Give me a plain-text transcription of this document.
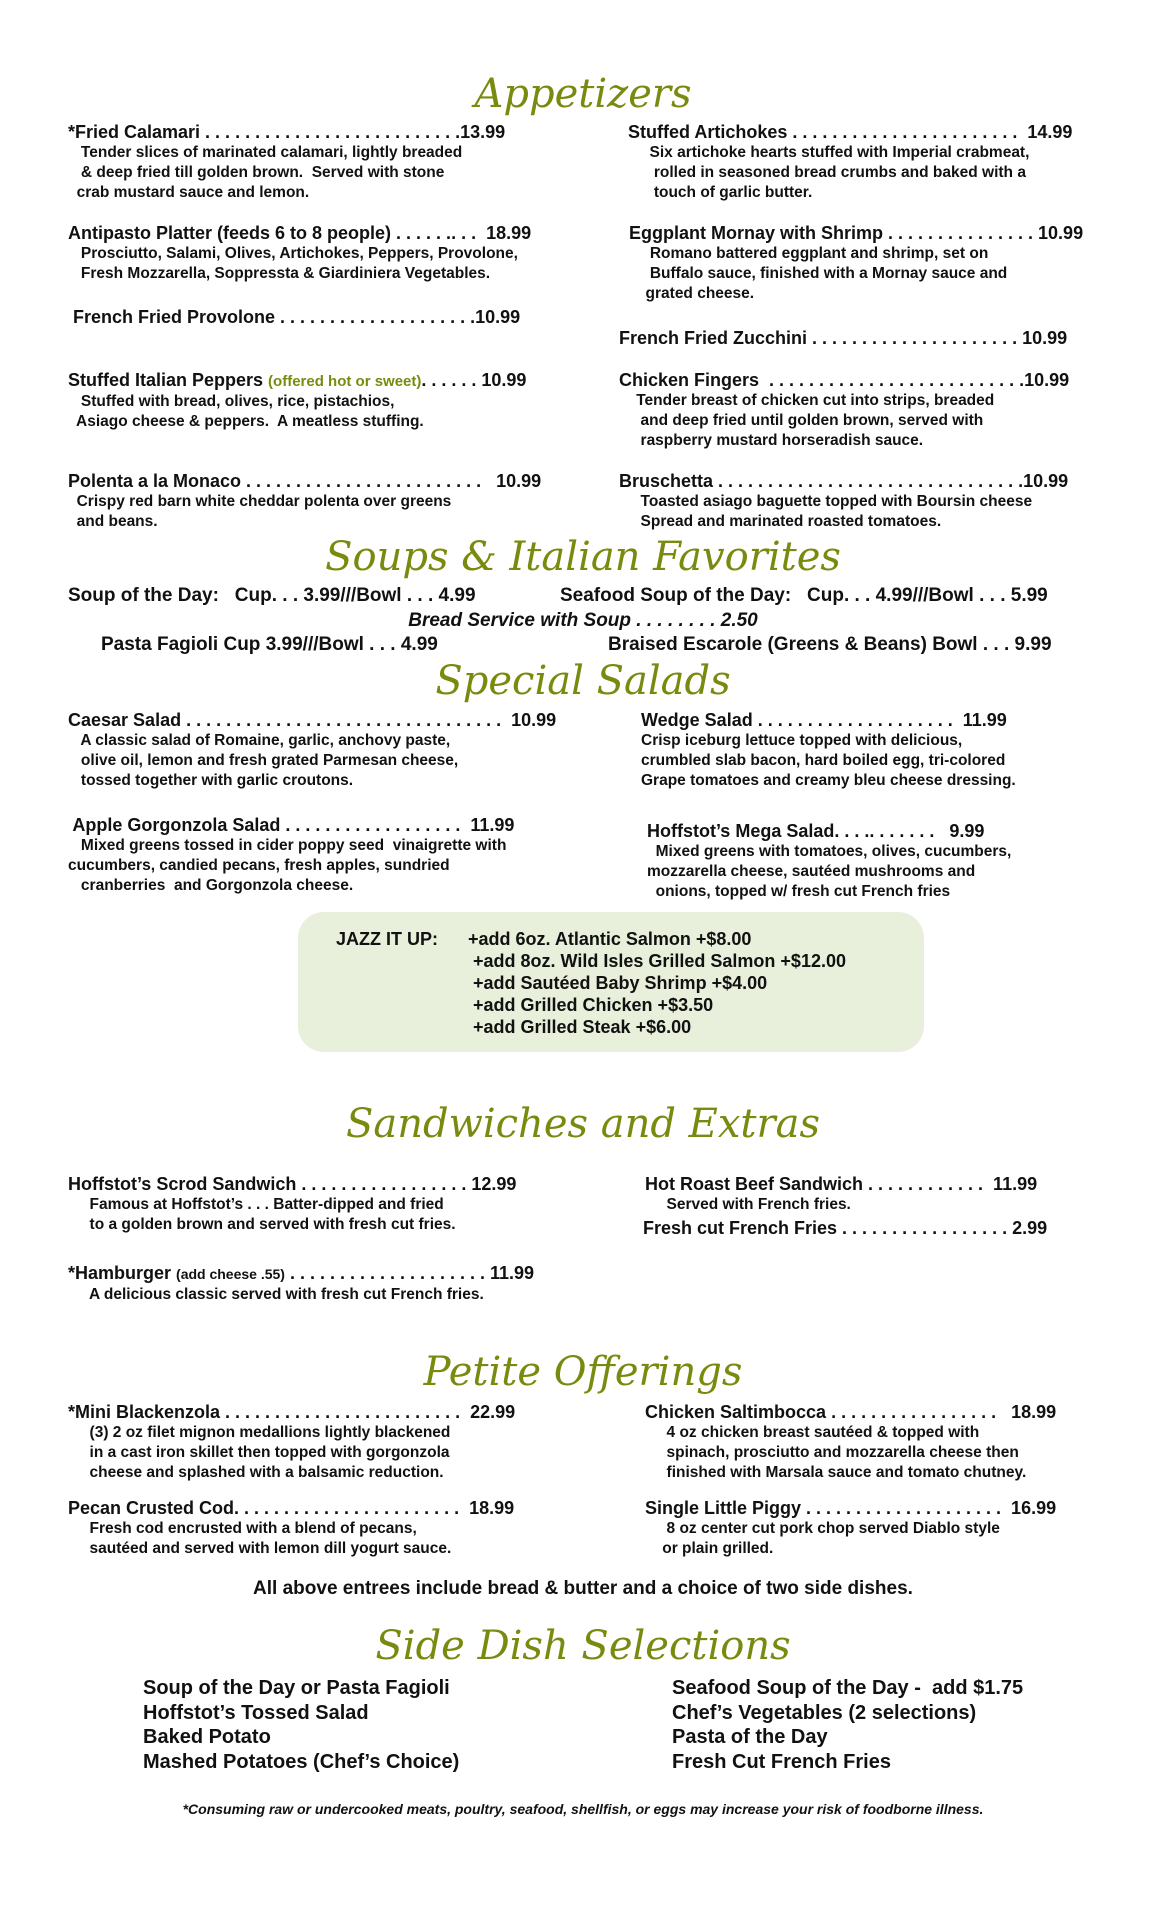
Appetizers
*Fried Calamari . . . . . . . . . . . . . . . . . . . . . . . . . .13.99
Tender slices of marinated calamari, lightly breaded
& deep fried till golden brown.  Served with stone
crab mustard sauce and lemon.
Antipasto Platter (feeds 6 to 8 people) . . . . . .. . .  18.99
Prosciutto, Salami, Olives, Artichokes, Peppers, Provolone,
Fresh Mozzarella, Soppressta & Giardiniera Vegetables.
French Fried Provolone . . . . . . . . . . . . . . . . . . . .10.99
Stuffed Italian Peppers (offered hot or sweet). . . . . . 10.99
Stuffed with bread, olives, rice, pistachios,
Asiago cheese & peppers.  A meatless stuffing.
Polenta a la Monaco . . . . . . . . . . . . . . . . . . . . . . . .   10.99
Crispy red barn white cheddar polenta over greens
and beans.
Stuffed Artichokes . . . . . . . . . . . . . . . . . . . . . . .  14.99
Six artichoke hearts stuffed with Imperial crabmeat,
rolled in seasoned bread crumbs and baked with a
touch of garlic butter.
Eggplant Mornay with Shrimp . . . . . . . . . . . . . . . 10.99
Romano battered eggplant and shrimp, set on
Buffalo sauce, finished with a Mornay sauce and
grated cheese.
French Fried Zucchini . . . . . . . . . . . . . . . . . . . . . 10.99
Chicken Fingers  . . . . . . . . . . . . . . . . . . . . . . . . . .10.99
Tender breast of chicken cut into strips, breaded
and deep fried until golden brown, served with
raspberry mustard horseradish sauce.
Bruschetta . . . . . . . . . . . . . . . . . . . . . . . . . . . . . . .10.99
Toasted asiago baguette topped with Boursin cheese
Spread and marinated roasted tomatoes.
Soups & Italian Favorites
Soup of the Day:   Cup. . . 3.99///Bowl . . . 4.99	Seafood Soup of the Day:   Cup. . . 4.99///Bowl . . . 5.99
Bread Service with Soup . . . . . . . . 2.50
Pasta Fagioli Cup 3.99///Bowl . . . 4.99	Braised Escarole (Greens & Beans) Bowl . . . 9.99
Special Salads
Caesar Salad . . . . . . . . . . . . . . . . . . . . . . . . . . . . . . . .  10.99
A classic salad of Romaine, garlic, anchovy paste,
olive oil, lemon and fresh grated Parmesan cheese,
tossed together with garlic croutons.
Apple Gorgonzola Salad . . . . . . . . . . . . . . . . . .  11.99
Mixed greens tossed in cider poppy seed  vinaigrette with
cucumbers, candied pecans, fresh apples, sundried
cranberries  and Gorgonzola cheese.
Wedge Salad . . . . . . . . . . . . . . . . . . . .  11.99
Crisp iceburg lettuce topped with delicious,
crumbled slab bacon, hard boiled egg, tri-colored
Grape tomatoes and creamy bleu cheese dressing.
Hoffstot’s Mega Salad. . . .. . . . . . .   9.99
Mixed greens with tomatoes, olives, cucumbers,
mozzarella cheese, sautéed mushrooms and
onions, topped w/ fresh cut French fries
JAZZ IT UP: +add 6oz. Atlantic Salmon +$8.00
+add 8oz. Wild Isles Grilled Salmon +$12.00
+add Sautéed Baby Shrimp +$4.00
+add Grilled Chicken +$3.50
+add Grilled Steak +$6.00
Sandwiches and Extras
Hoffstot’s Scrod Sandwich . . . . . . . . . . . . . . . . . 12.99
Famous at Hoffstot’s . . . Batter-dipped and fried
to a golden brown and served with fresh cut fries.
*Hamburger (add cheese .55) . . . . . . . . . . . . . . . . . . . . 11.99
A delicious classic served with fresh cut French fries.
Hot Roast Beef Sandwich . . . . . . . . . . . .  11.99
Served with French fries.
Fresh cut French Fries . . . . . . . . . . . . . . . . . 2.99
Petite Offerings
*Mini Blackenzola . . . . . . . . . . . . . . . . . . . . . . . .  22.99
(3) 2 oz filet mignon medallions lightly blackened
in a cast iron skillet then topped with gorgonzola
cheese and splashed with a balsamic reduction.
Pecan Crusted Cod. . . . . . . . . . . . . . . . . . . . . . .  18.99
Fresh cod encrusted with a blend of pecans,
sautéed and served with lemon dill yogurt sauce.
Chicken Saltimbocca . . . . . . . . . . . . . . . . .   18.99
4 oz chicken breast sautéed & topped with
spinach, prosciutto and mozzarella cheese then
finished with Marsala sauce and tomato chutney.
Single Little Piggy . . . . . . . . . . . . . . . . . . . .  16.99
8 oz center cut pork chop served Diablo style
or plain grilled.
All above entrees include bread & butter and a choice of two side dishes.
Side Dish Selections
Soup of the Day or Pasta Fagioli
Hoffstot’s Tossed Salad
Baked Potato
Mashed Potatoes (Chef’s Choice)
Seafood Soup of the Day -  add $1.75
Chef’s Vegetables (2 selections)
Pasta of the Day
Fresh Cut French Fries
*Consuming raw or undercooked meats, poultry, seafood, shellfish, or eggs may increase your risk of foodborne illness.
